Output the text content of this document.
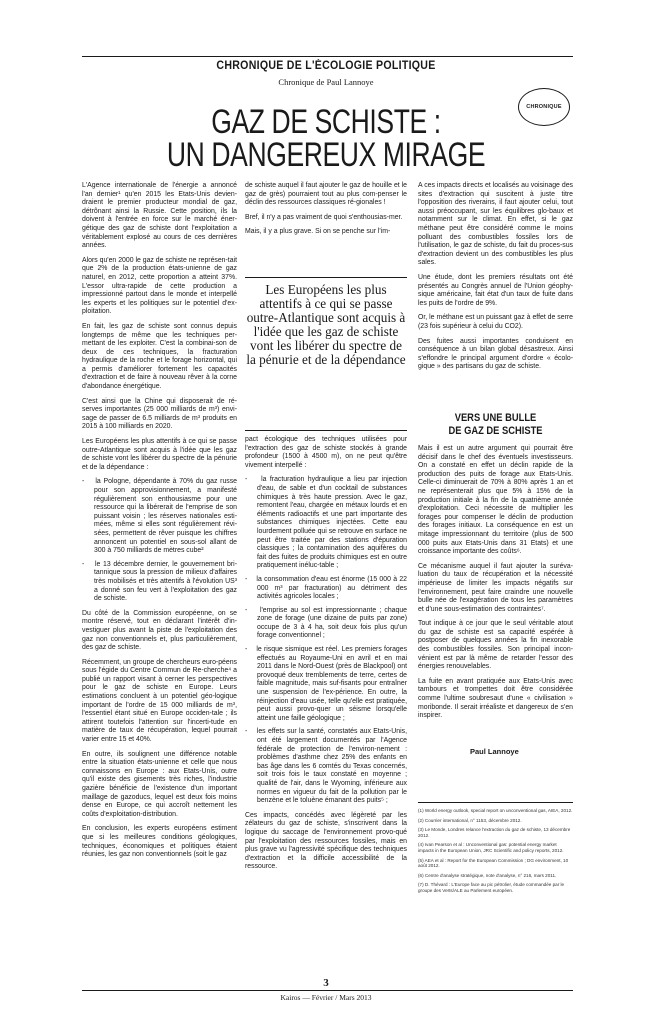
CHRONIQUE DE L'ÉCOLOGIE POLITIQUE
Chronique de Paul Lannoye
CHRONIQUE
GAZ DE SCHISTE :
UN DANGEREUX MIRAGE

L'Agence internationale de l'énergie a annoncé l'an dernier¹ qu'en 2015 les Etats-Unis devien-draient le premier producteur mondial de gaz, détrônant ainsi la Russie. Cette position, ils la doivent à l'entrée en force sur le marché éner-gétique des gaz de schiste dont l'exploitation a véritablement explosé au cours de ces dernières années.

Alors qu'en 2000 le gaz de schiste ne représen-tait que 2% de la production états-unienne de gaz naturel, en 2012, cette proportion a atteint 37%. L'essor ultra-rapide de cette production a impressionné partout dans le monde et interpellé les experts et les politiques sur le potentiel d'ex-ploitation.

En fait, les gaz de schiste sont connus depuis longtemps de même que les techniques per-mettant de les exploiter. C'est la combinai-son de deux de ces techniques, la fracturation hydraulique de la roche et le forage horizontal, qui a permis d'améliorer fortement les capacités d'extraction et de faire à nouveau rêver à la corne d'abondance énergétique.

C'est ainsi que la Chine qui disposerait de ré-serves importantes (25 000 milliards de m³) envi-sage de passer de 6.5 milliards de m³ produits en 2015 à 100 milliards en 2020.

Les Européens les plus attentifs à ce qui se passe outre-Atlantique sont acquis à l'idée que les gaz de schiste vont les libérer du spectre de la pénurie et de la dépendance :

-    la Pologne, dépendante à 70% du gaz russe pour son approvisionnement, a manifesté régulièrement son enthousiasme pour une ressource qui la libérerait de l'emprise de son puissant voisin ; les réserves nationales esti-mées, même si elles sont régulièrement révi-sées, permettent de rêver puisque les chiffres annoncent un potentiel en sous-sol allant de 300 à 750 milliards de mètres cube²
-    le 13 décembre dernier, le gouvernement bri-tannique sous la pression de milieux d'affaires très mobilisés et très attentifs à l'évolution US³ a donné son feu vert à l'exploitation des gaz de schiste.

Du côté de la Commission européenne, on se montre réservé, tout en déclarant l'intérêt d'in-vestiguer plus avant la piste de l'exploitation des gaz non conventionnels et, plus particulièrement, des gaz de schiste.

Récemment, un groupe de chercheurs euro-péens sous l'égide du Centre Commun de Re-cherche⁴ a publié un rapport visant à cerner les perspectives pour le gaz de schiste en Europe. Leurs estimations concluent à un potentiel géo-logique important de l'ordre de 15 000 milliards de m³, l'essentiel étant situé en Europe occiden-tale ; ils attirent toutefois l'attention sur l'incerti-tude en matière de taux de récupération, lequel pourrait varier entre 15 et 40%.

En outre, ils soulignent une différence notable entre la situation états-unienne et celle que nous connaissons en Europe : aux Etats-Unis, outre qu'il existe des gisements très riches, l'industrie gazière bénéficie de l'existence d'un important maillage de gazoducs, lequel est deux fois moins dense en Europe, ce qui accroît nettement les coûts d'exploitation-distribution.

En conclusion, les experts européens estiment que si les meilleures conditions géologiques, techniques, économiques et politiques étaient réunies, les gaz non conventionnels (soit le gaz

de schiste auquel il faut ajouter le gaz de houille et le gaz de grès) pourraient tout au plus com-penser le déclin des ressources classiques ré-gionales !

Bref, il n'y a pas vraiment de quoi s'enthousias-mer.

Mais, il y a plus grave. Si on se penche sur l'im-

Les Européens les plus attentifs à ce qui se passe outre-Atlantique sont acquis à l'idée que les gaz de schiste vont les libérer du spectre de la pénurie et de la dépendance

pact écologique des techniques utilisées pour l'extraction des gaz de schiste stockés à grande profondeur (1500 à 4500 m), on ne peut qu'être vivement interpellé :

-    la fracturation hydraulique a lieu par injection d'eau, de sable et d'un cocktail de substances chimiques à très haute pression. Avec le gaz, remontent l'eau, chargée en métaux lourds et en éléments radioactifs et une part importante des substances chimiques injectées. Cette eau lourdement polluée qui se retrouve en surface ne peut être traitée par des stations d'épuration classiques ; la contamination des aquifères du fait des fuites de produits chimiques est en outre pratiquement inéluc-table ;
-    la consommation d'eau est énorme (15 000 à 22 000 m³ par fracturation) au détriment des activités agricoles locales ;
-    l'emprise au sol est impressionnante ; chaque zone de forage (une dizaine de puits par zone) occupe de 3 à 4 ha, soit deux fois plus qu'un forage conventionnel ;
-    le risque sismique est réel. Les premiers forages effectués au Royaume-Uni en avril et en mai 2011 dans le Nord-Ouest (près de Blackpool) ont provoqué deux tremblements de terre, certes de faible magnitude, mais suf-fisants pour entraîner une suspension de l'ex-périence. En outre, la réinjection d'eau usée, telle qu'elle est pratiquée, peut aussi provo-quer un séisme lorsqu'elle atteint une faille géologique ;
-    les effets sur la santé, constatés aux Etats-Unis, ont été largement documentés par l'Agence fédérale de protection de l'environ-nement : problèmes d'asthme chez 25% des enfants en bas âge dans les 6 comtés du Texas concernés, soit trois fois le taux constaté en moyenne ; qualité de l'air, dans le Wyoming, inférieure aux normes en vigueur du fait de la pollution par le benzène et le toluène émanant des puits⁵ ;

Ces impacts, concédés avec légèreté par les zélateurs du gaz de schiste, s'inscrivent dans la logique du saccage de l'environnement provo-qué par l'exploitation des ressources fossiles, mais en plus grave vu l'agressivité spécifique des techniques d'extraction et la difficile accessibilité de la ressource.

A ces impacts directs et localisés au voisinage des sites d'extraction qui suscitent à juste titre l'opposition des riverains, il faut ajouter celui, tout aussi préoccupant, sur les équilibres glo-baux et notamment sur le climat. En effet, si le gaz méthane peut être considéré comme le moins polluant des combustibles fossiles lors de l'utilisation, le gaz de schiste, du fait du proces-sus d'extraction devient un des combustibles les plus sales.

Une étude, dont les premiers résultats ont été présentés au Congrès annuel de l'Union géophy-sique américaine, fait état d'un taux de fuite dans les puits de l'ordre de 9%.

Or, le méthane est un puissant gaz à effet de serre (23 fois supérieur à celui du CO2).

Des fuites aussi importantes conduisent en conséquence à un bilan global désastreux. Ainsi s'effondre le principal argument d'ordre « écolo-gique » des partisans du gaz de schiste.

VERS UNE BULLE
DE GAZ DE SCHISTE

Mais il est un autre argument qui pourrait être décisif dans le chef des éventuels investisseurs. On a constaté en effet un déclin rapide de la production des puits de forage aux Etats-Unis. Celle-ci diminuerait de 70% à 80% après 1 an et ne représenterait plus que 5% à 15% de la production initiale à la fin de la quatrième année d'exploitation. Ceci nécessite de multiplier les forages pour compenser le déclin de production des forages initiaux. La conséquence en est un mitage impressionnant du territoire (plus de 500 000 puits aux Etats-Unis dans 31 Etats) et une croissance importante des coûts⁶.

Ce mécanisme auquel il faut ajouter la suréva-luation du taux de récupération et la nécessité impérieuse de limiter les impacts négatifs sur l'environnement, peut faire craindre une nouvelle bulle née de l'exagération de tous les paramètres et d'une sous-estimation des contraintes⁷.

Tout indique à ce jour que le seul véritable atout du gaz de schiste est sa capacité espérée à postposer de quelques années la fin inexorable des combustibles fossiles. Son principal incon-vénient est par là même de retarder l'essor des énergies renouvelables.

La fuite en avant pratiquée aux Etats-Unis avec tambours et trompettes doit être considérée comme l'ultime soubresaut d'une « civilisation » moribonde. Il serait irréaliste et dangereux de s'en inspirer.

Paul Lannoye

(1) World energy outlook, special report on unconventional gas, AIEA, 2012.

(2) Courrier international, n° 1153, décembre 2012.

(3) Le Monde, Londres relance l'extraction du gaz de schiste, 13 décembre 2012.

(4) Ivan Pearson et al : Unconventional gas: potential energy market impacts in the European Union, JRC Scientific and policy reports, 2012.

(5) AEA et al : Report for the European Commission ; DG environment, 10 août 2012.

(6) Centre d'analyse stratégique, note d'analyse, n° 216, mars 2011.

(7) D. Thévard : L'Europe face au pic pétrolier, étude commandée par le groupe des Verts/ALE au Parlement européen.

3
Kairos — Février / Mars 2013
